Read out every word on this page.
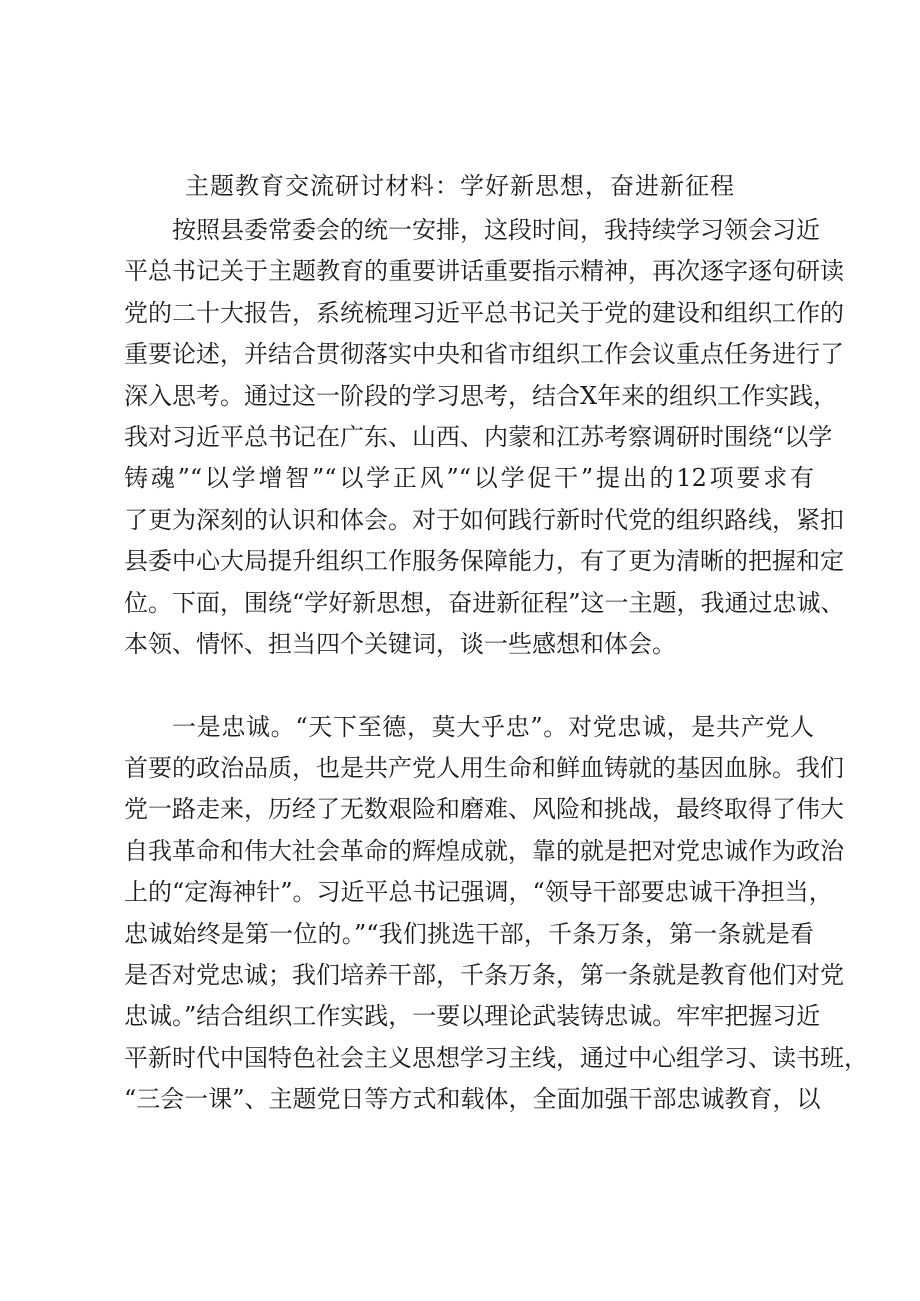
主题教育交流研讨材料：学好新思想，奋进新征程

按照县委常委会的统一安排，这段时间，我持续学习领会习近

平总书记关于主题教育的重要讲话重要指示精神，再次逐字逐句研读

党的二十大报告，系统梳理习近平总书记关于党的建设和组织工作的

重要论述，并结合贯彻落实中央和省市组织工作会议重点任务进行了

深入思考。通过这一阶段的学习思考，结合X年来的组织工作实践，

我对习近平总书记在广东、山西、内蒙和江苏考察调研时围绕“以学

铸魂”“以学增智”“以学正风”“以学促干”提出的12项要求有

了更为深刻的认识和体会。对于如何践行新时代党的组织路线，紧扣

县委中心大局提升组织工作服务保障能力，有了更为清晰的把握和定

位。下面，围绕“学好新思想，奋进新征程”这一主题，我通过忠诚、

本领、情怀、担当四个关键词，谈一些感想和体会。

一是忠诚。“天下至德，莫大乎忠”。对党忠诚，是共产党人

首要的政治品质，也是共产党人用生命和鲜血铸就的基因血脉。我们

党一路走来，历经了无数艰险和磨难、风险和挑战，最终取得了伟大

自我革命和伟大社会革命的辉煌成就，靠的就是把对党忠诚作为政治

上的“定海神针”。习近平总书记强调，“领导干部要忠诚干净担当，

忠诚始终是第一位的。”“我们挑选干部，千条万条，第一条就是看

是否对党忠诚；我们培养干部，千条万条，第一条就是教育他们对党

忠诚。”结合组织工作实践，一要以理论武装铸忠诚。牢牢把握习近

平新时代中国特色社会主义思想学习主线，通过中心组学习、读书班，

“三会一课”、主题党日等方式和载体，全面加强干部忠诚教育，以
